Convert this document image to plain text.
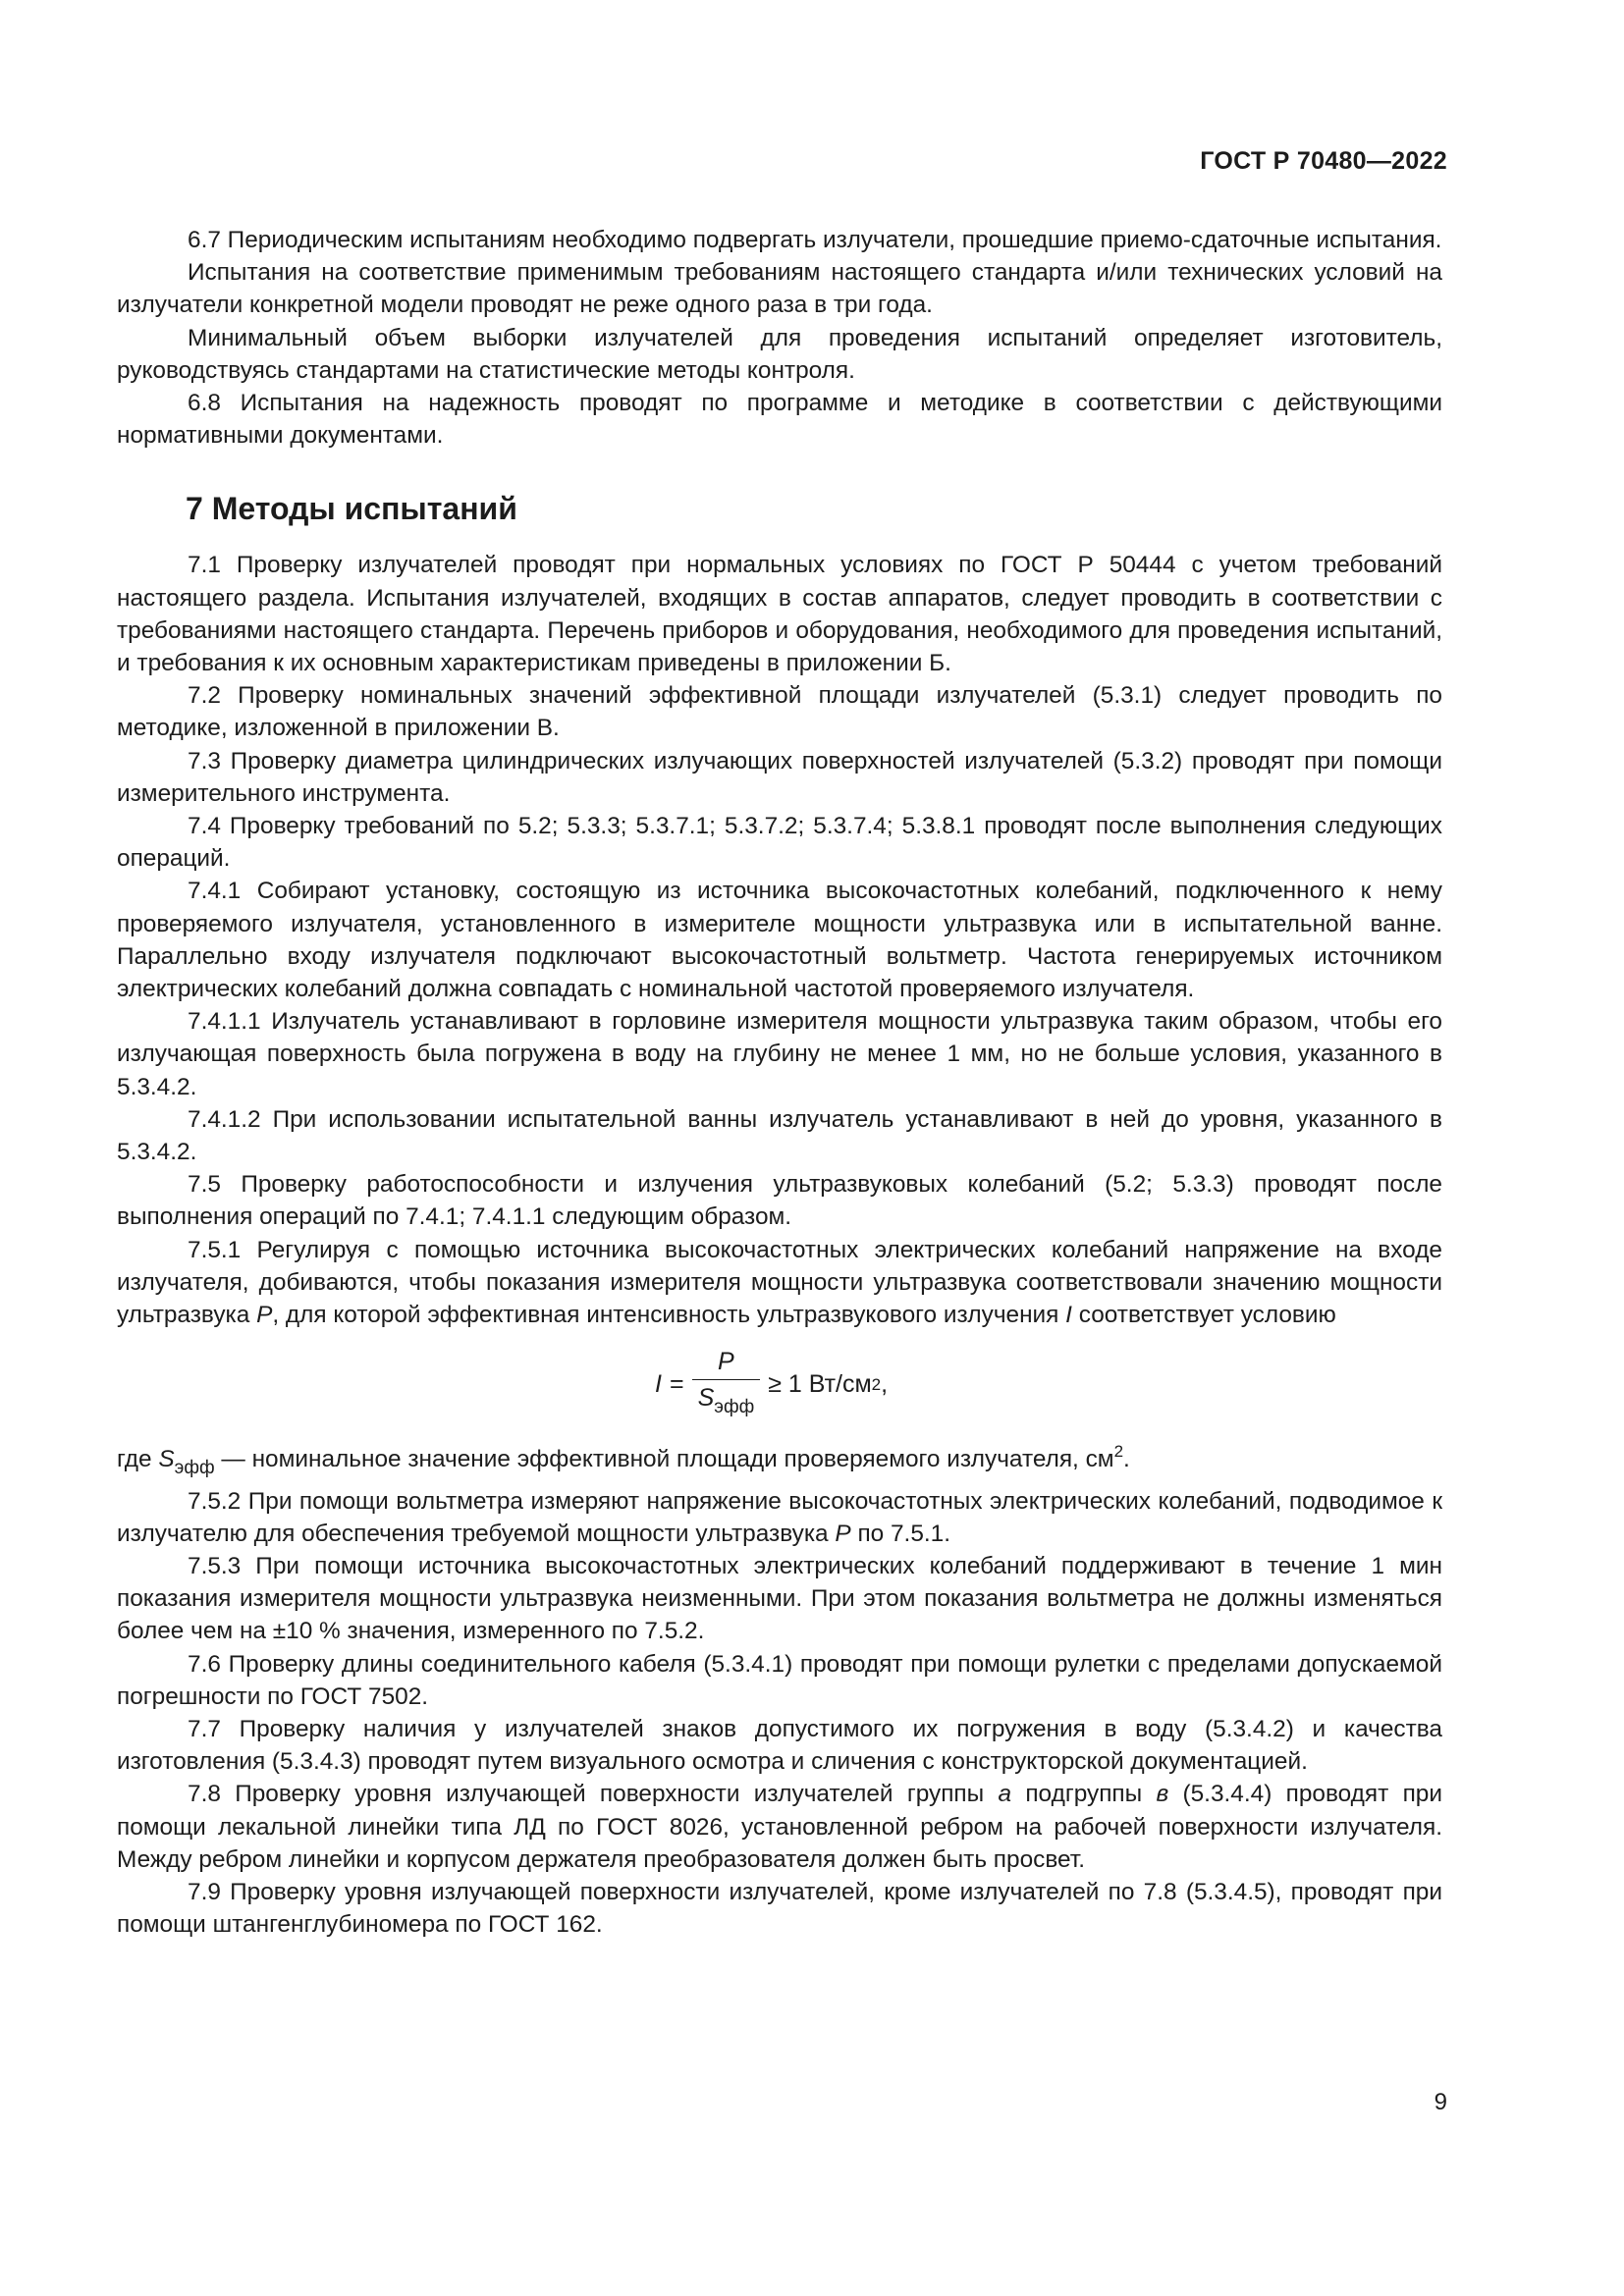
ГОСТ Р 70480—2022

6.7 Периодическим испытаниям необходимо подвергать излучатели, прошедшие приемо-сдаточные испытания.

Испытания на соответствие применимым требованиям настоящего стандарта и/или технических условий на излучатели конкретной модели проводят не реже одного раза в три года.

Минимальный объем выборки излучателей для проведения испытаний определяет изготовитель, руководствуясь стандартами на статистические методы контроля.

6.8 Испытания на надежность проводят по программе и методике в соответствии с действующими нормативными документами.

7 Методы испытаний

7.1 Проверку излучателей проводят при нормальных условиях по ГОСТ Р 50444 с учетом требований настоящего раздела. Испытания излучателей, входящих в состав аппаратов, следует проводить в соответствии с требованиями настоящего стандарта. Перечень приборов и оборудования, необходимого для проведения испытаний, и требования к их основным характеристикам приведены в приложении Б.

7.2 Проверку номинальных значений эффективной площади излучателей (5.3.1) следует проводить по методике, изложенной в приложении В.

7.3 Проверку диаметра цилиндрических излучающих поверхностей излучателей (5.3.2) проводят при помощи измерительного инструмента.

7.4 Проверку требований по 5.2; 5.3.3; 5.3.7.1; 5.3.7.2; 5.3.7.4; 5.3.8.1 проводят после выполнения следующих операций.

7.4.1 Собирают установку, состоящую из источника высокочастотных колебаний, подключенного к нему проверяемого излучателя, установленного в измерителе мощности ультразвука или в испытательной ванне. Параллельно входу излучателя подключают высокочастотный вольтметр. Частота генерируемых источником электрических колебаний должна совпадать с номинальной частотой проверяемого излучателя.

7.4.1.1 Излучатель устанавливают в горловине измерителя мощности ультразвука таким образом, чтобы его излучающая поверхность была погружена в воду на глубину не менее 1 мм, но не больше условия, указанного в 5.3.4.2.

7.4.1.2 При использовании испытательной ванны излучатель устанавливают в ней до уровня, указанного в 5.3.4.2.

7.5 Проверку работоспособности и излучения ультразвуковых колебаний (5.2; 5.3.3) проводят после выполнения операций по 7.4.1; 7.4.1.1 следующим образом.

7.5.1 Регулируя с помощью источника высокочастотных электрических колебаний напряжение на входе излучателя, добиваются, чтобы показания измерителя мощности ультразвука соответствовали значению мощности ультразвука P, для которой эффективная интенсивность ультразвукового излучения I соответствует условию

$I = \frac{P}{S_{эфф}} \ge 1$ Вт/см 2 ,

где $S_{эфф}$ — номинальное значение эффективной площади проверяемого излучателя, $см^2$.

7.5.2 При помощи вольтметра измеряют напряжение высокочастотных электрических колебаний, подводимое к излучателю для обеспечения требуемой мощности ультразвука P по 7.5.1.

7.5.3 При помощи источника высокочастотных электрических колебаний поддерживают в течение 1 мин показания измерителя мощности ультразвука неизменными. При этом показания вольтметра не должны изменяться более чем на ±10 % значения, измеренного по 7.5.2.

7.6 Проверку длины соединительного кабеля (5.3.4.1) проводят при помощи рулетки с пределами допускаемой погрешности по ГОСТ 7502.

7.7 Проверку наличия у излучателей знаков допустимого их погружения в воду (5.3.4.2) и качества изготовления (5.3.4.3) проводят путем визуального осмотра и сличения с конструкторской документацией.

7.8 Проверку уровня излучающей поверхности излучателей группы а подгруппы в (5.3.4.4) проводят при помощи лекальной линейки типа ЛД по ГОСТ 8026, установленной ребром на рабочей поверхности излучателя. Между ребром линейки и корпусом держателя преобразователя должен быть просвет.

7.9 Проверку уровня излучающей поверхности излучателей, кроме излучателей по 7.8 (5.3.4.5), проводят при помощи штангенглубиномера по ГОСТ 162.

9
